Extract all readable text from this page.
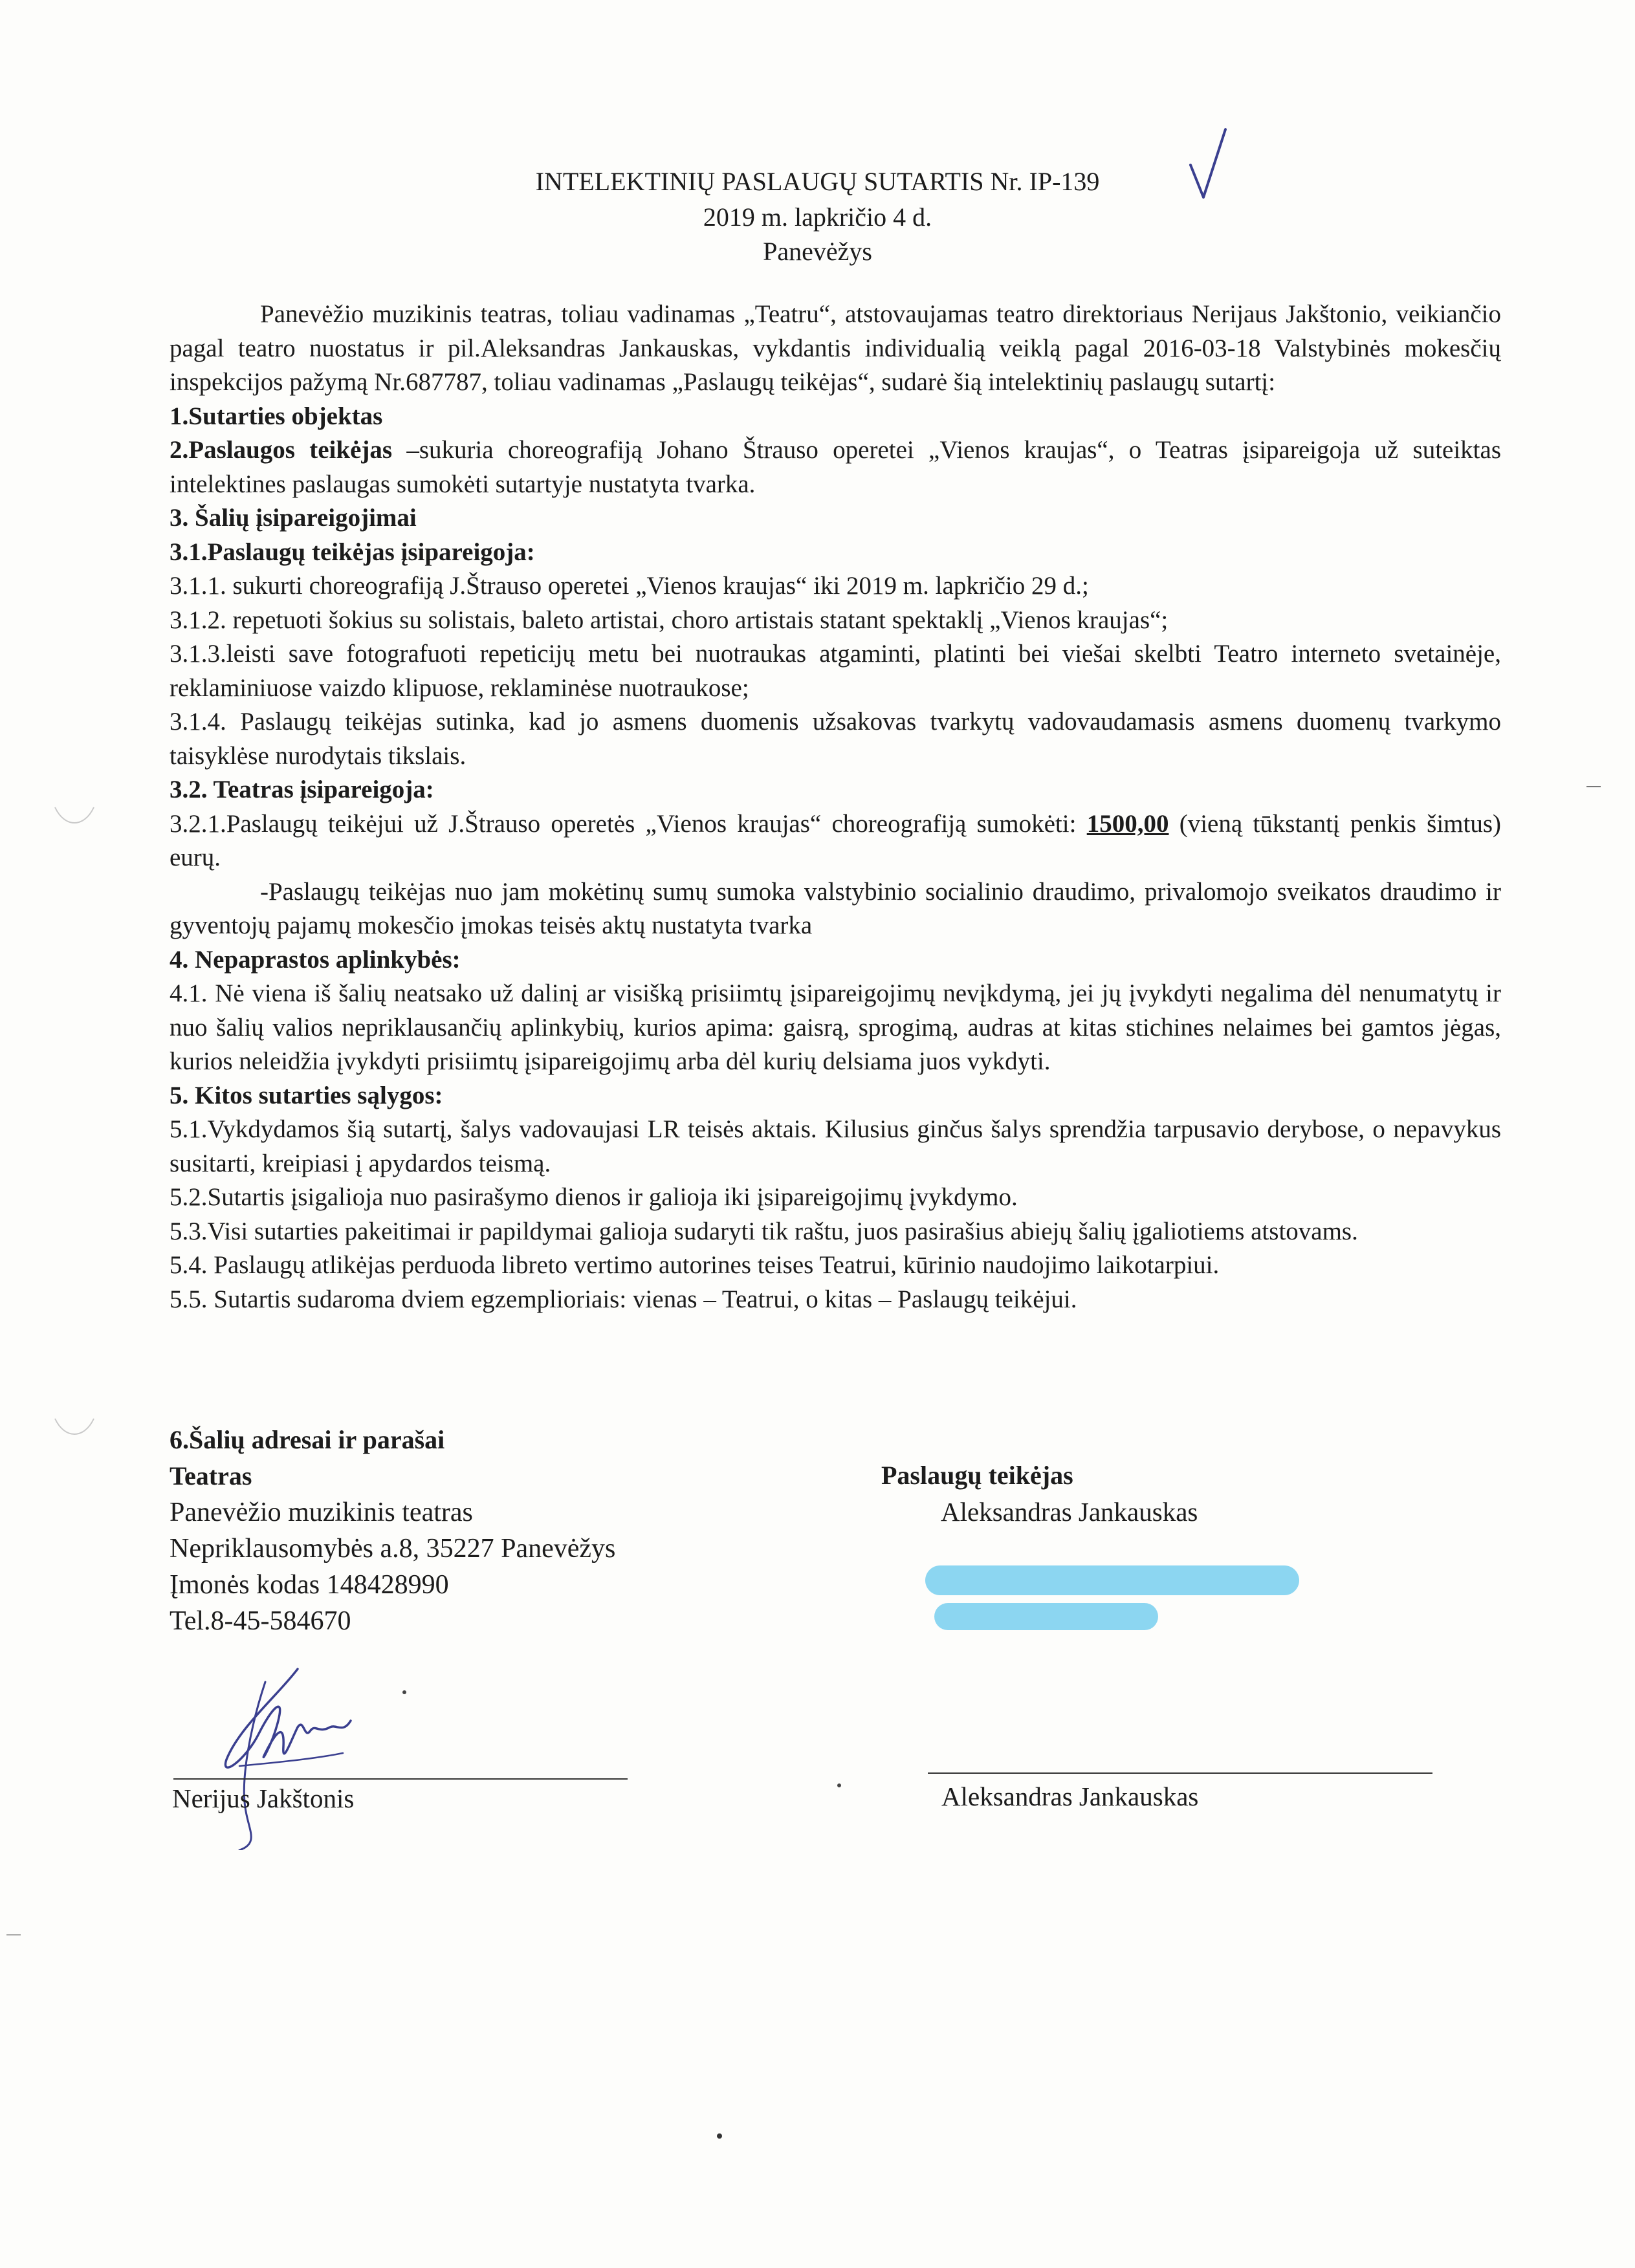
INTELEKTINIŲ PASLAUGŲ SUTARTIS Nr. IP-139
2019 m. lapkričio 4 d.
Panevėžys

Panevėžio muzikinis teatras, toliau vadinamas „Teatru“, atstovaujamas teatro direktoriaus Nerijaus Jakštonio, veikiančio pagal teatro nuostatus ir pil.Aleksandras Jankauskas, vykdantis individualią veiklą pagal 2016-03-18 Valstybinės mokesčių inspekcijos pažymą Nr.687787, toliau vadinamas „Paslaugų teikėjas“, sudarė šią intelektinių paslaugų sutartį:

1.Sutarties objektas

2.Paslaugos teikėjas –sukuria choreografiją Johano Štrauso operetei „Vienos kraujas“, o Teatras įsipareigoja už suteiktas intelektines paslaugas sumokėti sutartyje nustatyta tvarka.

3. Šalių įsipareigojimai

3.1.Paslaugų teikėjas įsipareigoja:

3.1.1. sukurti choreografiją J.Štrauso operetei „Vienos kraujas“ iki 2019 m. lapkričio 29 d.;

3.1.2. repetuoti šokius su solistais, baleto artistai, choro artistais statant spektaklį „Vienos kraujas“;

3.1.3.leisti save fotografuoti repeticijų metu bei nuotraukas atgaminti, platinti bei viešai skelbti Teatro interneto svetainėje, reklaminiuose vaizdo klipuose, reklaminėse nuotraukose;

3.1.4. Paslaugų teikėjas sutinka, kad jo asmens duomenis užsakovas tvarkytų vadovaudamasis asmens duomenų tvarkymo taisyklėse nurodytais tikslais.

3.2. Teatras įsipareigoja:

3.2.1.Paslaugų teikėjui už J.Štrauso operetės „Vienos kraujas“ choreografiją sumokėti: 1500,00 (vieną tūkstantį penkis šimtus) eurų.

-Paslaugų teikėjas nuo jam mokėtinų sumų sumoka valstybinio socialinio draudimo, privalomojo sveikatos draudimo ir gyventojų pajamų mokesčio įmokas teisės aktų nustatyta tvarka

4. Nepaprastos aplinkybės:

4.1. Nė viena iš šalių neatsako už dalinį ar visišką prisiimtų įsipareigojimų nevįkdymą, jei jų įvykdyti negalima dėl nenumatytų ir nuo šalių valios nepriklausančių aplinkybių, kurios apima: gaisrą, sprogimą, audras at kitas stichines nelaimes bei gamtos jėgas, kurios neleidžia įvykdyti prisiimtų įsipareigojimų arba dėl kurių delsiama juos vykdyti.

5. Kitos sutarties sąlygos:

5.1.Vykdydamos šią sutartį, šalys vadovaujasi LR teisės aktais. Kilusius ginčus šalys sprendžia tarpusavio derybose, o nepavykus susitarti, kreipiasi į apydardos teismą.

5.2.Sutartis įsigalioja nuo pasirašymo dienos ir galioja iki įsipareigojimų įvykdymo.

5.3.Visi sutarties pakeitimai ir papildymai galioja sudaryti tik raštu, juos pasirašius abiejų šalių įgaliotiems atstovams.

5.4. Paslaugų atlikėjas perduoda libreto vertimo autorines teises Teatrui, kūrinio naudojimo laikotarpiui.

5.5. Sutartis sudaroma dviem egzemplioriais: vienas – Teatrui, o kitas – Paslaugų teikėjui.

6.Šalių adresai ir parašai
Teatras
Panevėžio muzikinis teatras
Nepriklausomybės a.8, 35227 Panevėžys
Įmonės kodas 148428990
Tel.8-45-584670
Paslaugų teikėjas
Aleksandras Jankauskas
Nerijus Jakštonis	Aleksandras Jankauskas
